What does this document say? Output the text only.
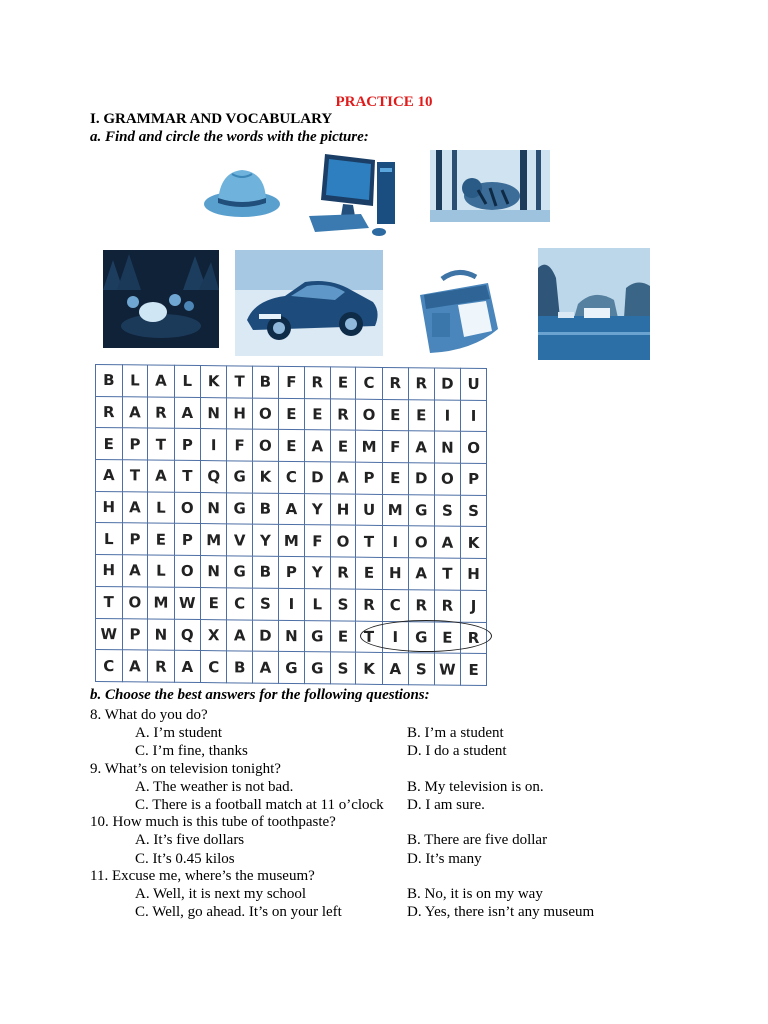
PRACTICE 10
I. GRAMMAR AND VOCABULARY
a. Find and circle the words with the picture:
B	L	A	L	K	T	B	F	R	E	C	R	R	D	U
R	A	R	A	N	H	O	E	E	R	O	E	E	I	I
E	P	T	P	I	F	O	E	A	E	M	F	A	N	O
A	T	A	T	Q	G	K	C	D	A	P	E	D	O	P
H	A	L	O	N	G	B	A	Y	H	U	M	G	S	S
L	P	E	P	M	V	Y	M	F	O	T	I	O	A	K
H	A	L	O	N	G	B	P	Y	R	E	H	A	T	H
T	O	M	W	E	C	S	I	L	S	R	C	R	R	J
W	P	N	Q	X	A	D	N	G	E	T	I	G	E	R
C	A	R	A	C	B	A	G	G	S	K	A	S	W	E
b. Choose the best answers for the following questions:
8. What do you do?
A. I’m student	B. I’m a student
C. I’m fine, thanks	D. I do a student
9. What’s on television tonight?
A. The weather is not bad.	B. My television is on.
C. There is a football match at 11 o’clock D. I am sure.
10. How much is this tube of toothpaste?
A. It’s five dollars	B. There are five dollar
C. It’s 0.45 kilos	D. It’s many
11. Excuse me, where’s the museum?
A. Well, it is next my school	B. No, it is on my way
C. Well, go ahead. It’s on your left	D. Yes, there isn’t any museum
